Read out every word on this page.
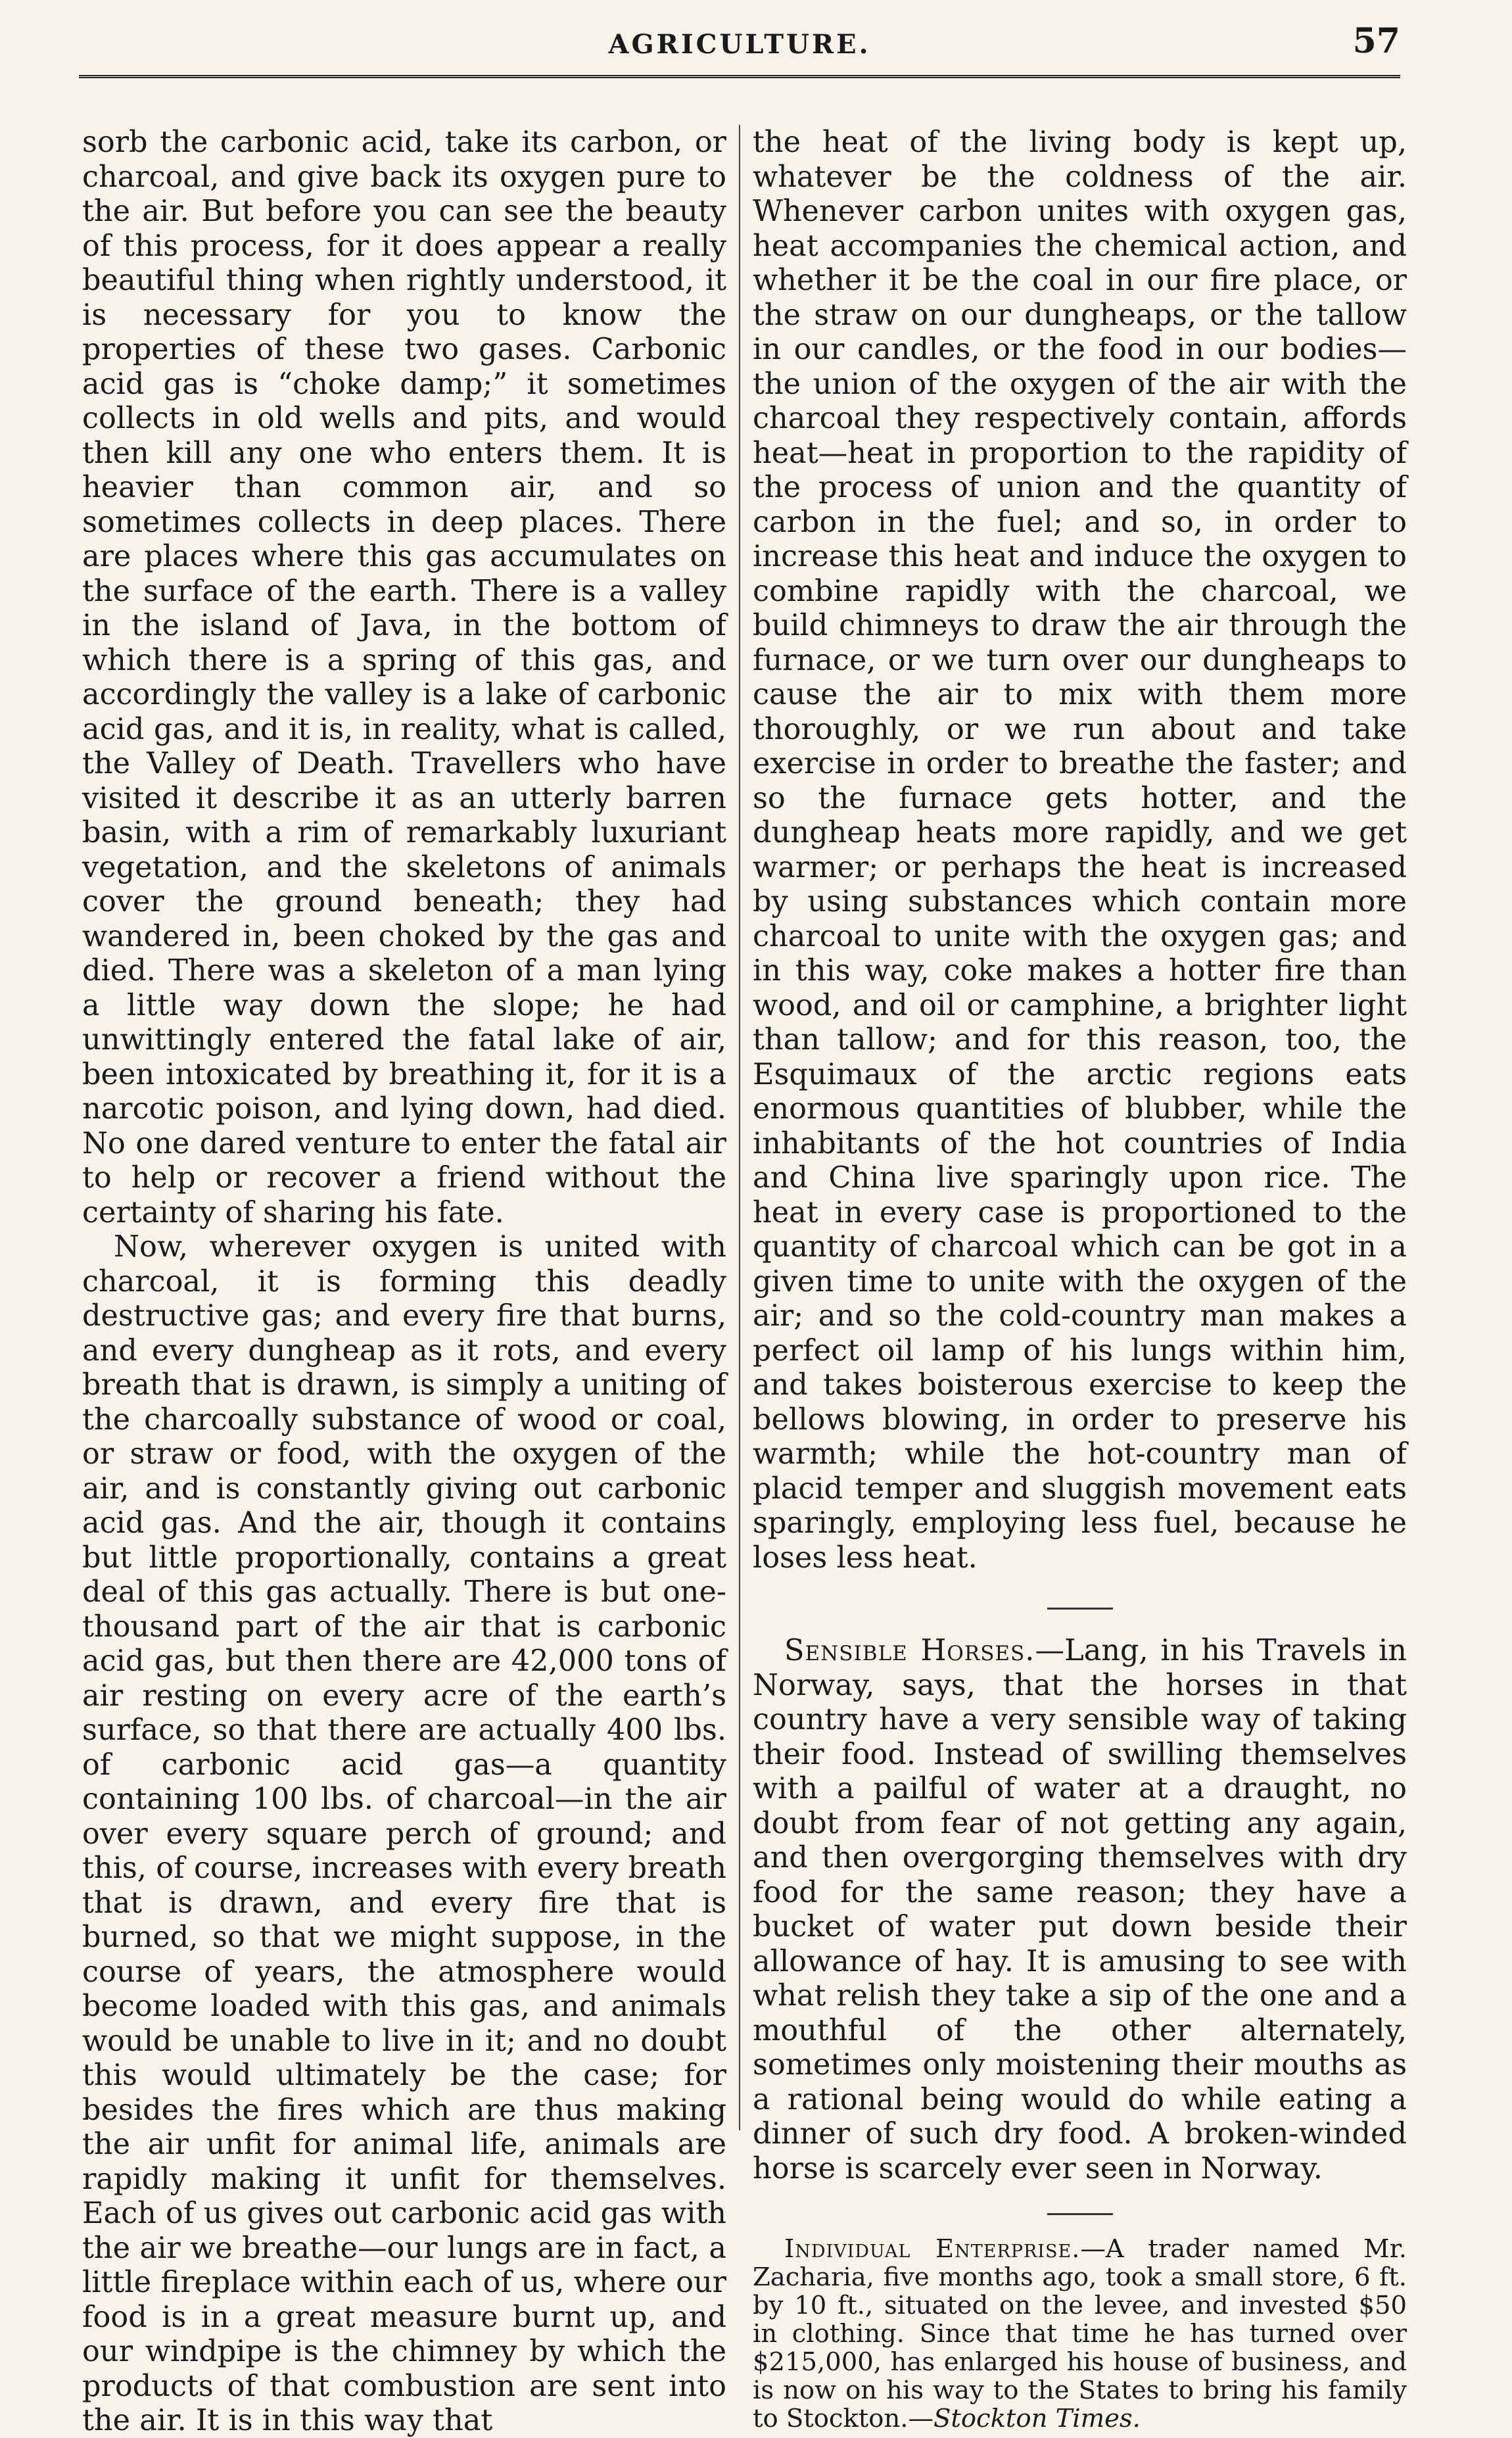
AGRICULTURE.	57

sorb the carbonic acid, take its carbon, or charcoal, and give back its oxygen pure to the air. But before you can see the beauty of this process, for it does appear a really beautiful thing when rightly understood, it is necessary for you to know the properties of these two gases. Carbonic acid gas is “choke damp;” it sometimes collects in old wells and pits, and would then kill any one who enters them. It is heavier than common air, and so sometimes collects in deep places. There are places where this gas accumulates on the surface of the earth. There is a valley in the island of Java, in the bottom of which there is a spring of this gas, and accordingly the valley is a lake of carbonic acid gas, and it is, in reality, what is called, the Valley of Death. Travellers who have visited it describe it as an utterly barren basin, with a rim of remarkably luxuriant vegetation, and the skeletons of animals cover the ground beneath; they had wandered in, been choked by the gas and died. There was a skeleton of a man lying a little way down the slope; he had unwittingly entered the fatal lake of air, been intoxicated by breathing it, for it is a narcotic poison, and lying down, had died. No one dared venture to enter the fatal air to help or recover a friend without the certainty of sharing his fate.

Now, wherever oxygen is united with charcoal, it is forming this deadly destructive gas; and every fire that burns, and every dungheap as it rots, and every breath that is drawn, is simply a uniting of the charcoally substance of wood or coal, or straw or food, with the oxygen of the air, and is constantly giving out carbonic acid gas. And the air, though it contains but little proportionally, contains a great deal of this gas actually. There is but one-thousand part of the air that is carbonic acid gas, but then there are 42,000 tons of air resting on every acre of the earth’s surface, so that there are actually 400 lbs. of carbonic acid gas—a quantity containing 100 lbs. of charcoal—in the air over every square perch of ground; and this, of course, increases with every breath that is drawn, and every fire that is burned, so that we might suppose, in the course of years, the atmosphere would become loaded with this gas, and animals would be unable to live in it; and no doubt this would ultimately be the case; for besides the fires which are thus making the air unfit for animal life, animals are rapidly making it unfit for themselves. Each of us gives out carbonic acid gas with the air we breathe—our lungs are in fact, a little fireplace within each of us, where our food is in a great measure burnt up, and our windpipe is the chimney by which the products of that combustion are sent into the air. It is in this way that

the heat of the living body is kept up, whatever be the coldness of the air. Whenever carbon unites with oxygen gas, heat accompanies the chemical action, and whether it be the coal in our fire place, or the straw on our dungheaps, or the tallow in our candles, or the food in our bodies—the union of the oxygen of the air with the charcoal they respectively contain, affords heat—heat in proportion to the rapidity of the process of union and the quantity of carbon in the fuel; and so, in order to increase this heat and induce the oxygen to combine rapidly with the charcoal, we build chimneys to draw the air through the furnace, or we turn over our dungheaps to cause the air to mix with them more thoroughly, or we run about and take exercise in order to breathe the faster; and so the furnace gets hotter, and the dungheap heats more rapidly, and we get warmer; or perhaps the heat is increased by using substances which contain more charcoal to unite with the oxygen gas; and in this way, coke makes a hotter fire than wood, and oil or camphine, a brighter light than tallow; and for this reason, too, the Esquimaux of the arctic regions eats enormous quantities of blubber, while the inhabitants of the hot countries of India and China live sparingly upon rice. The heat in every case is proportioned to the quantity of charcoal which can be got in a given time to unite with the oxygen of the air; and so the cold-country man makes a perfect oil lamp of his lungs within him, and takes boisterous exercise to keep the bellows blowing, in order to preserve his warmth; while the hot-country man of placid temper and sluggish movement eats sparingly, employing less fuel, because he loses less heat.

Sensible Horses.—Lang, in his Travels in Norway, says, that the horses in that country have a very sensible way of taking their food. Instead of swilling themselves with a pailful of water at a draught, no doubt from fear of not getting any again, and then overgorging themselves with dry food for the same reason; they have a bucket of water put down beside their allowance of hay. It is amusing to see with what relish they take a sip of the one and a mouthful of the other alternately, sometimes only moistening their mouths as a rational being would do while eating a dinner of such dry food. A broken-winded horse is scarcely ever seen in Norway.

Individual Enterprise.—A trader named Mr. Zacharia, five months ago, took a small store, 6 ft. by 10 ft., situated on the levee, and invested $50 in clothing. Since that time he has turned over $215,000, has enlarged his house of business, and is now on his way to the States to bring his family to Stockton.—Stockton Times.
